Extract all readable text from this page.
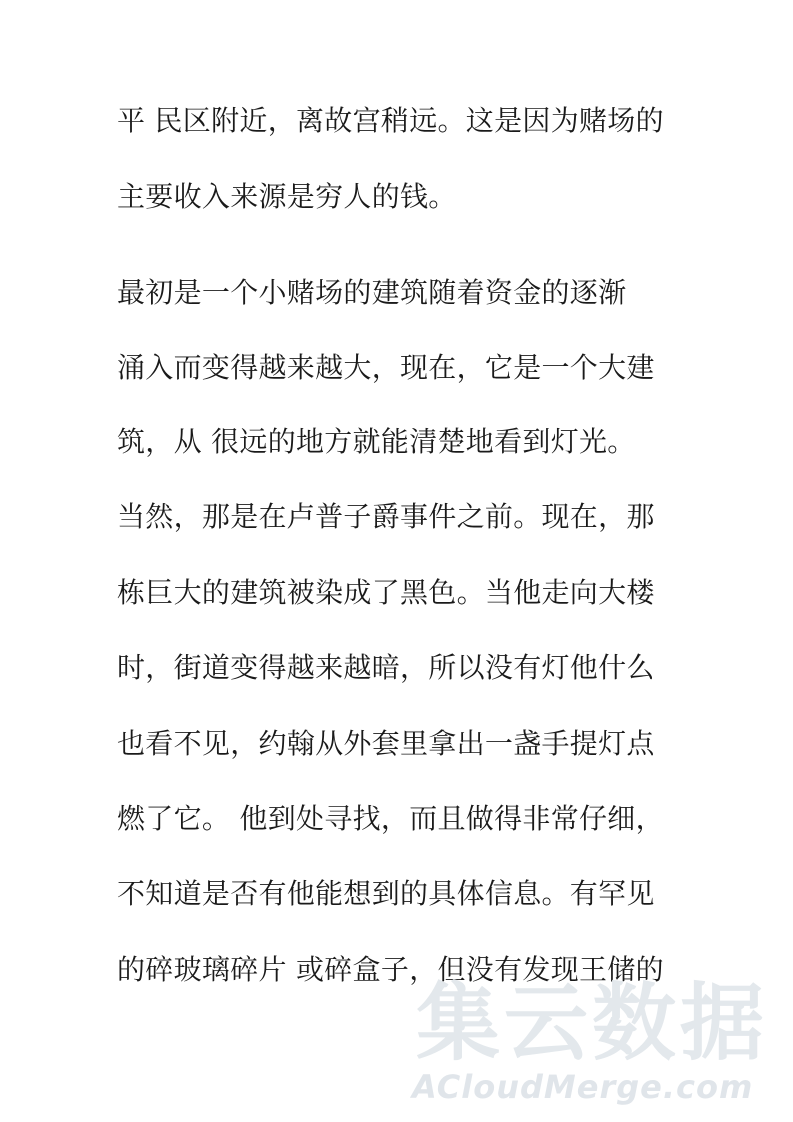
平 民区附近，离故宫稍远。这是因为赌场的
主要收入来源是穷人的钱。
最初是一个小赌场的建筑随着资金的逐渐
涌入而变得越来越大，现在，它是一个大建
筑，从 很远的地方就能清楚地看到灯光。
当然，那是在卢普子爵事件之前。现在，那
栋巨大的建筑被染成了黑色。当他走向大楼
时，街道变得越来越暗，所以没有灯他什么
也看不见，约翰从外套里拿出一盏手提灯点
燃了它。 他到处寻找，而且做得非常仔细，
不知道是否有他能想到的具体信息。有罕见
的碎玻璃碎片 或碎盒子，但没有发现王储的
集云数据
ACloudMerge.com
